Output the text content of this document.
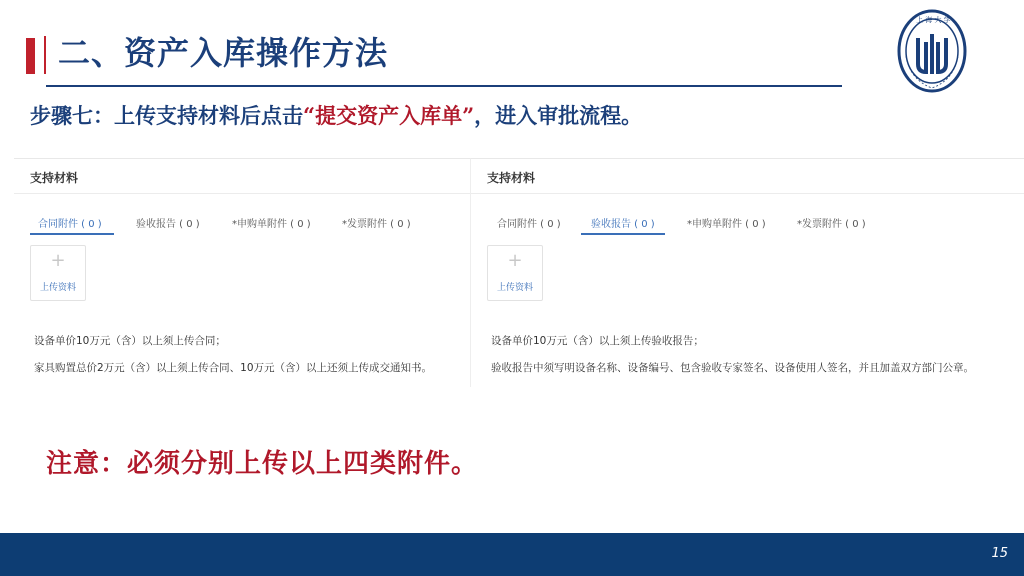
二、资产入库操作方法
上 海 大 学
步骤七：上传支持材料后点击“提交资产入库单”，进入审批流程。
支持材料
合同附件 ( 0 )	验收报告 ( 0 )	*申购单附件 ( 0 )	*发票附件 ( 0 )
+
上传资料
设备单价10万元（含）以上须上传合同；
家具购置总价2万元（含）以上须上传合同、10万元（含）以上还须上传成交通知书。
支持材料
合同附件 ( 0 )	验收报告 ( 0 )	*申购单附件 ( 0 )	*发票附件 ( 0 )
+
上传资料
设备单价10万元（含）以上须上传验收报告；
验收报告中须写明设备名称、设备编号、包含验收专家签名、设备使用人签名，并且加盖双方部门公章。
注意：必须分别上传以上四类附件。
15
